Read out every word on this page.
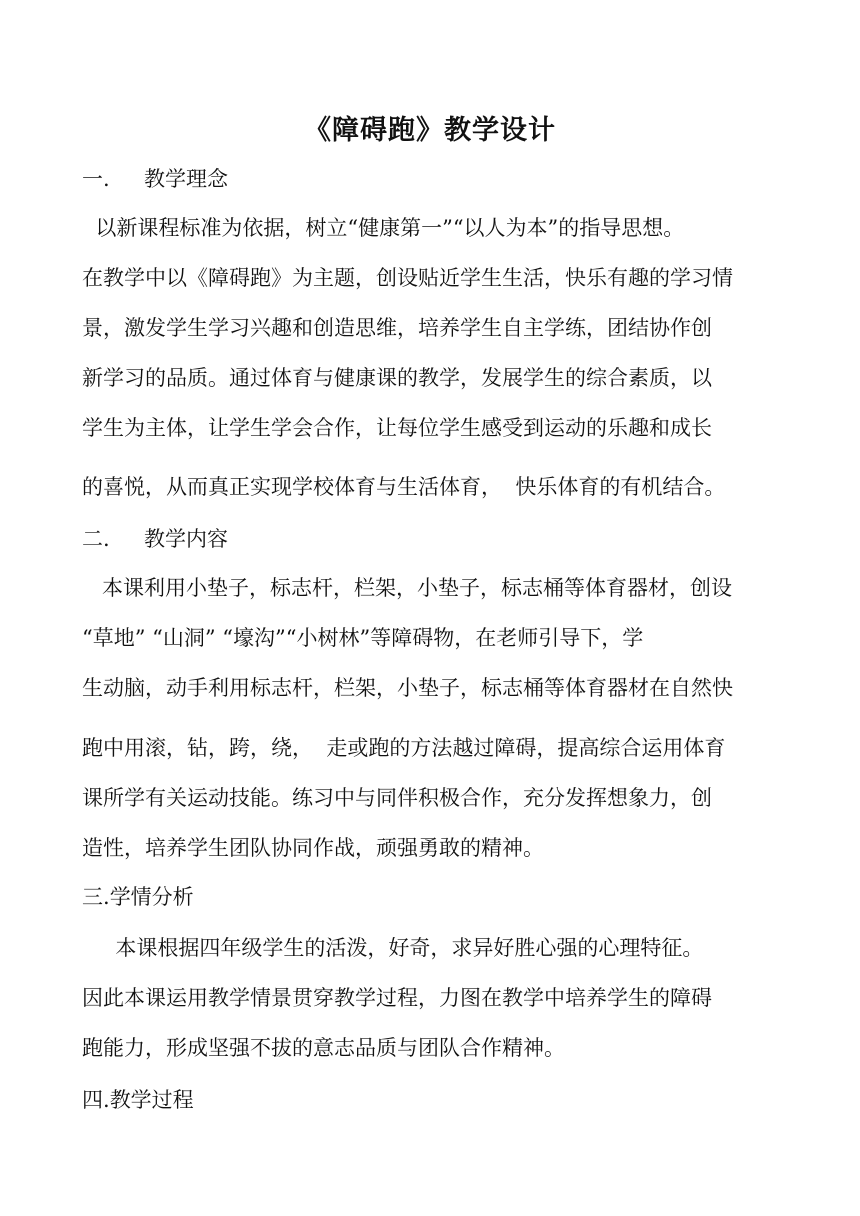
《障碍跑》教学设计
一. 教学理念
以新课程标准为依据，树立“健康第一”“以人为本”的指导思想。
在教学中以《障碍跑》为主题，创设贴近学生生活，快乐有趣的学习情
景，激发学生学习兴趣和创造思维，培养学生自主学练，团结协作创
新学习的品质。通过体育与健康课的教学，发展学生的综合素质，以
学生为主体，让学生学会合作，让每位学生感受到运动的乐趣和成长
的喜悦，从而真正实现学校体育与生活体育，  快乐体育的有机结合。
二. 教学内容
本课利用小垫子，标志杆，栏架，小垫子，标志桶等体育器材，创设
“草地” “山洞” “壕沟”“小树林”等障碍物，在老师引导下，学
生动脑，动手利用标志杆，栏架，小垫子，标志桶等体育器材在自然快
跑中用滚，钻，跨，绕，  走或跑的方法越过障碍，提高综合运用体育
课所学有关运动技能。练习中与同伴积极合作，充分发挥想象力，创
造性，培养学生团队协同作战，顽强勇敢的精神。
三.学情分析
本课根据四年级学生的活泼，好奇，求异好胜心强的心理特征。
因此本课运用教学情景贯穿教学过程，力图在教学中培养学生的障碍
跑能力，形成坚强不拔的意志品质与团队合作精神。
四.教学过程
